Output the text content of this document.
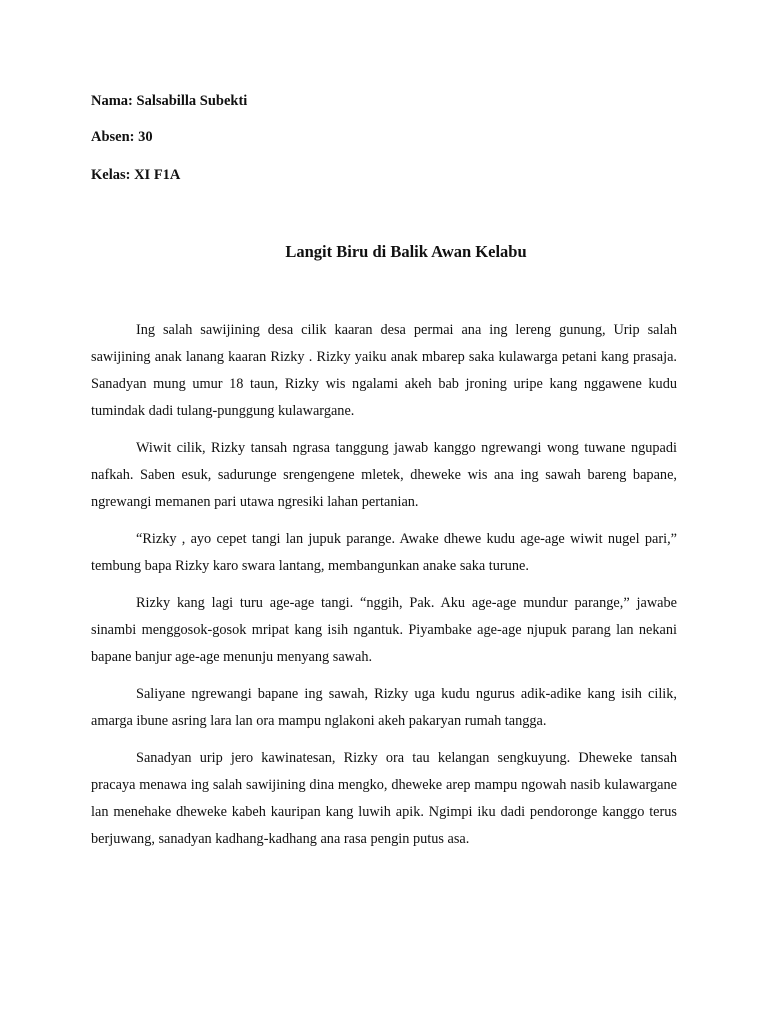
Nama: Salsabilla Subekti

Absen: 30

Kelas: XI F1A

Langit Biru di Balik Awan Kelabu

Ing salah sawijining desa cilik kaaran desa permai ana ing lereng gunung, Urip salah sawijining anak lanang kaaran Rizky . Rizky yaiku anak mbarep saka kulawarga petani kang prasaja. Sanadyan mung umur 18 taun, Rizky wis ngalami akeh bab jroning uripe kang nggawene kudu tumindak dadi tulang-punggung kulawargane.

Wiwit cilik, Rizky tansah ngrasa tanggung jawab kanggo ngrewangi wong tuwane ngupadi nafkah. Saben esuk, sadurunge srengengene mletek, dheweke wis ana ing sawah bareng bapane, ngrewangi memanen pari utawa ngresiki lahan pertanian.

“Rizky , ayo cepet tangi lan jupuk parange. Awake dhewe kudu age-age wiwit nugel pari,” tembung bapa Rizky karo swara lantang, membangunkan anake saka turune.

Rizky kang lagi turu age-age tangi. “nggih, Pak. Aku age-age mundur parange,” jawabe sinambi menggosok-gosok mripat kang isih ngantuk. Piyambake age-age njupuk parang lan nekani bapane banjur age-age menunju menyang sawah.

Saliyane ngrewangi bapane ing sawah, Rizky uga kudu ngurus adik-adike kang isih cilik, amarga ibune asring lara lan ora mampu nglakoni akeh pakaryan rumah tangga.

Sanadyan urip jero kawinatesan, Rizky ora tau kelangan sengkuyung. Dheweke tansah pracaya menawa ing salah sawijining dina mengko, dheweke arep mampu ngowah nasib kulawargane lan menehake dheweke kabeh kauripan kang luwih apik. Ngimpi iku dadi pendoronge kanggo terus berjuwang, sanadyan kadhang-kadhang ana rasa pengin putus asa.
